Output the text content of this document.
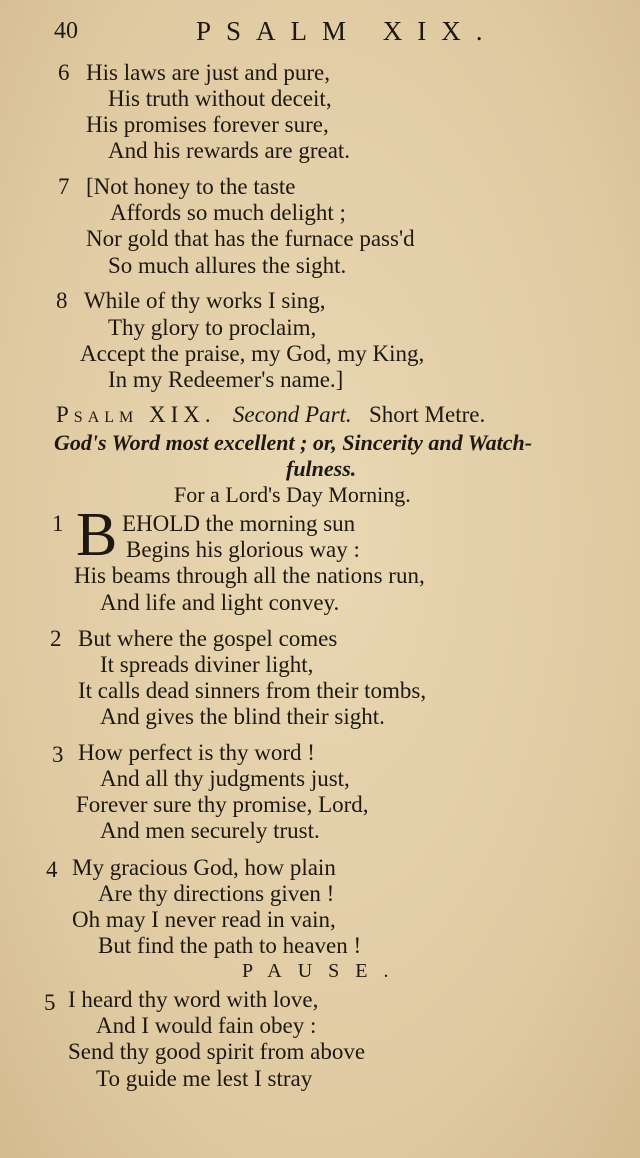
40	PSALM XIX.
6 His laws are just and pure,
His truth without deceit,
His promises forever sure,
And his rewards are great.
7 [Not honey to the taste
Affords so much delight ;
Nor gold that has the furnace pass'd
So much allures the sight.
8 While of thy works I sing,
Thy glory to proclaim,
Accept the praise, my God, my King,
In my Redeemer's name.]
Psalm XIX. Second Part. Short Metre.
God's Word most excellent ; or, Sincerity and Watch-
fulness.
For a Lord's Day Morning.
1 B EHOLD the morning sun
Begins his glorious way :
His beams through all the nations run,
And life and light convey.
2 But where the gospel comes
It spreads diviner light,
It calls dead sinners from their tombs,
And gives the blind their sight.
3 How perfect is thy word !
And all thy judgments just,
Forever sure thy promise, Lord,
And men securely trust.
4 My gracious God, how plain
Are thy directions given !
Oh may I never read in vain,
But find the path to heaven !
PAUSE.
5 I heard thy word with love,
And I would fain obey :
Send thy good spirit from above
To guide me lest I stray
